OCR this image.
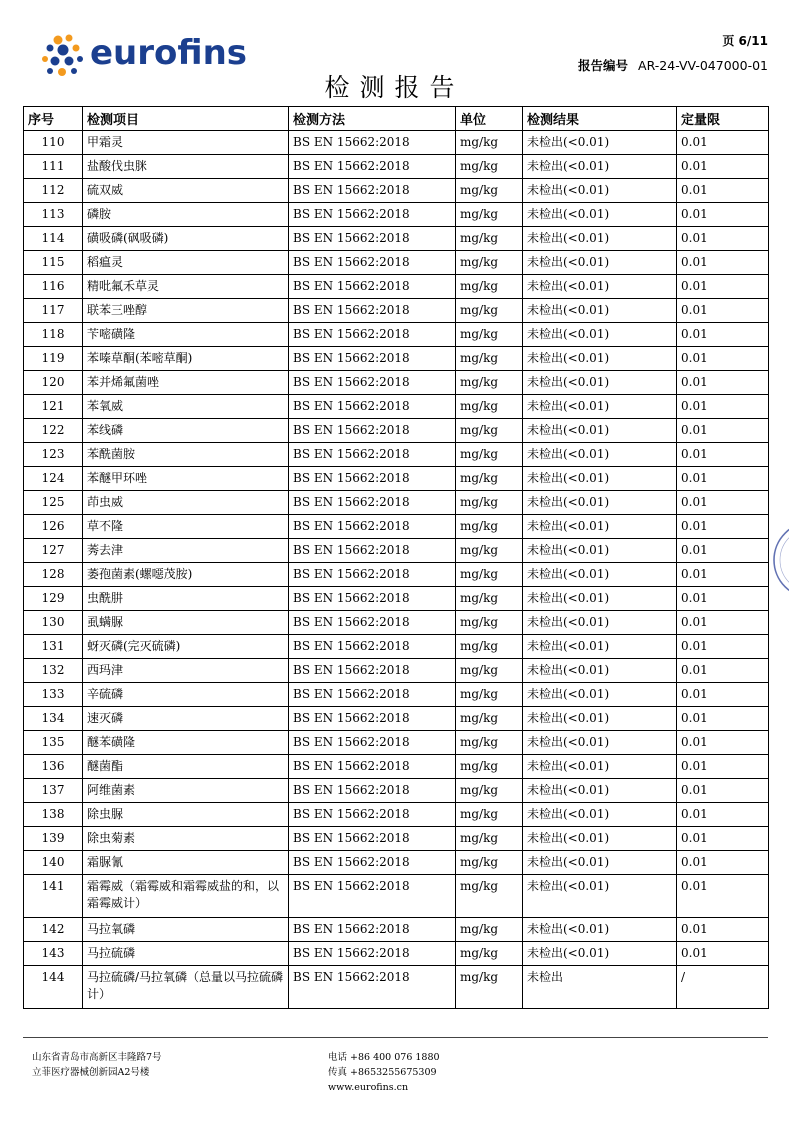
eurofins	页 6/11
报告编号 AR-24-VV-047000-01
检测报告
序号	检测项目	检测方法	单位	检测结果	定量限
110	甲霜灵	BS EN 15662:2018	mg/kg	未检出(<0.01)	0.01
111	盐酸伐虫脒	BS EN 15662:2018	mg/kg	未检出(<0.01)	0.01
112	硫双威	BS EN 15662:2018	mg/kg	未检出(<0.01)	0.01
113	磷胺	BS EN 15662:2018	mg/kg	未检出(<0.01)	0.01
114	磺吸磷(砜吸磷)	BS EN 15662:2018	mg/kg	未检出(<0.01)	0.01
115	稻瘟灵	BS EN 15662:2018	mg/kg	未检出(<0.01)	0.01
116	精吡氟禾草灵	BS EN 15662:2018	mg/kg	未检出(<0.01)	0.01
117	联苯三唑醇	BS EN 15662:2018	mg/kg	未检出(<0.01)	0.01
118	苄嘧磺隆	BS EN 15662:2018	mg/kg	未检出(<0.01)	0.01
119	苯嗪草酮(苯嘧草酮)	BS EN 15662:2018	mg/kg	未检出(<0.01)	0.01
120	苯并烯氟菌唑	BS EN 15662:2018	mg/kg	未检出(<0.01)	0.01
121	苯氧威	BS EN 15662:2018	mg/kg	未检出(<0.01)	0.01
122	苯线磷	BS EN 15662:2018	mg/kg	未检出(<0.01)	0.01
123	苯酰菌胺	BS EN 15662:2018	mg/kg	未检出(<0.01)	0.01
124	苯醚甲环唑	BS EN 15662:2018	mg/kg	未检出(<0.01)	0.01
125	茚虫威	BS EN 15662:2018	mg/kg	未检出(<0.01)	0.01
126	草不隆	BS EN 15662:2018	mg/kg	未检出(<0.01)	0.01
127	莠去津	BS EN 15662:2018	mg/kg	未检出(<0.01)	0.01
128	萎孢菌素(螺噁茂胺)	BS EN 15662:2018	mg/kg	未检出(<0.01)	0.01
129	虫酰肼	BS EN 15662:2018	mg/kg	未检出(<0.01)	0.01
130	虱螨脲	BS EN 15662:2018	mg/kg	未检出(<0.01)	0.01
131	蚜灭磷(完灭硫磷)	BS EN 15662:2018	mg/kg	未检出(<0.01)	0.01
132	西玛津	BS EN 15662:2018	mg/kg	未检出(<0.01)	0.01
133	辛硫磷	BS EN 15662:2018	mg/kg	未检出(<0.01)	0.01
134	速灭磷	BS EN 15662:2018	mg/kg	未检出(<0.01)	0.01
135	醚苯磺隆	BS EN 15662:2018	mg/kg	未检出(<0.01)	0.01
136	醚菌酯	BS EN 15662:2018	mg/kg	未检出(<0.01)	0.01
137	阿维菌素	BS EN 15662:2018	mg/kg	未检出(<0.01)	0.01
138	除虫脲	BS EN 15662:2018	mg/kg	未检出(<0.01)	0.01
139	除虫菊素	BS EN 15662:2018	mg/kg	未检出(<0.01)	0.01
140	霜脲氰	BS EN 15662:2018	mg/kg	未检出(<0.01)	0.01
141	霜霉威（霜霉威和霜霉威盐的和，以霜霉威计）	BS EN 15662:2018	mg/kg	未检出(<0.01)	0.01
142	马拉氧磷	BS EN 15662:2018	mg/kg	未检出(<0.01)	0.01
143	马拉硫磷	BS EN 15662:2018	mg/kg	未检出(<0.01)	0.01
144	马拉硫磷/马拉氧磷（总量以马拉硫磷计）	BS EN 15662:2018	mg/kg	未检出	/
山东省青岛市高新区丰隆路7号
立菲医疗器械创新园A2号楼
电话 +86 400 076 1880
传真 +8653255675309
www.eurofins.cn
